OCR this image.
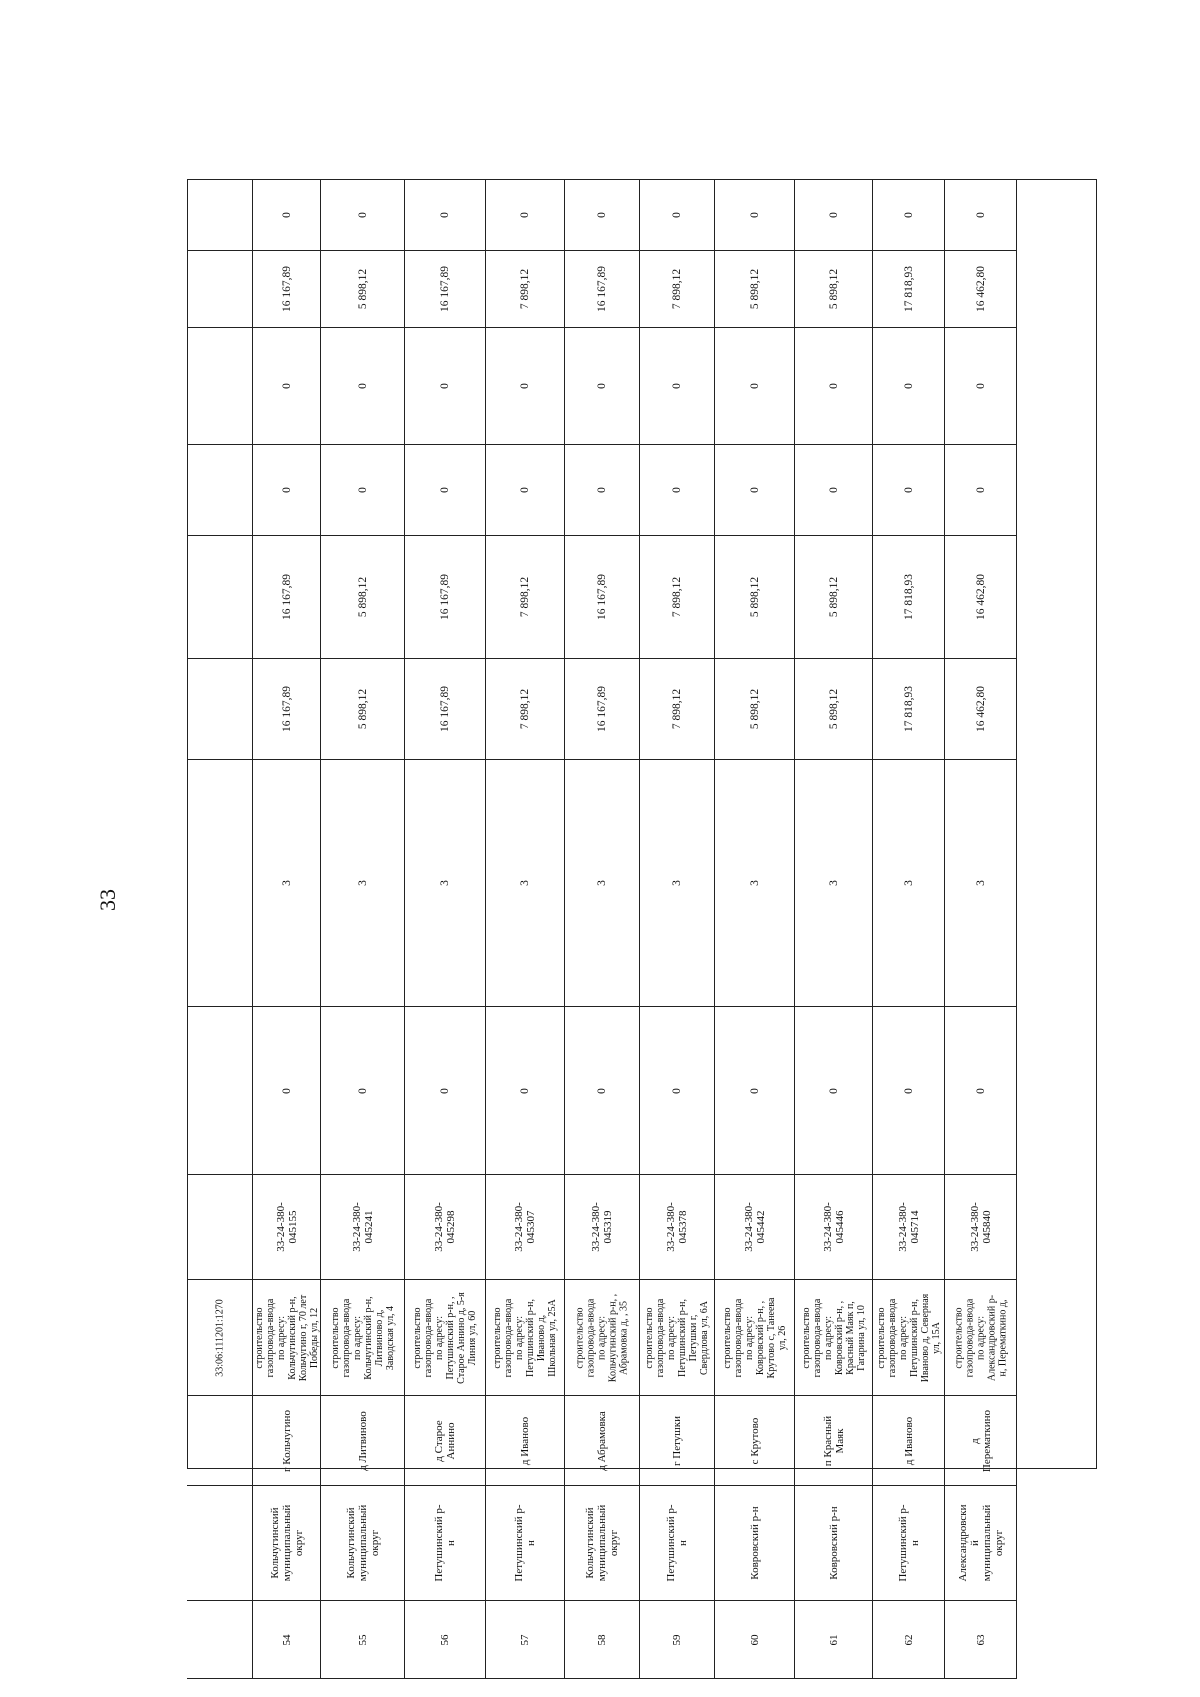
33
33:06:111201:1270
54
Кольчугинский
муниципальный
округ
г Кольчугино
строительство
газопровода-ввода
по адресу:
Кольчугинский р-н,
Кольчугино г, 70 лет
Победы ул, 12
33-24-380-
045155
0
3
16 167,89
16 167,89
0
0
16 167,89
0
55
Кольчугинский
муниципальный
округ
д Литвиново
строительство
газопровода-ввода
по адресу:
Кольчугинский р-н,
Литвиново д,
Заводская ул, 4
33-24-380-
045241
0
3
5 898,12
5 898,12
0
0
5 898,12
0
56
Петушинский р-
н
д Старое
Аннино
строительство
газопровода-ввода
по адресу:
Петушинский р-н, ,
Старое Аннино д, 5-я
Линия ул, 60
33-24-380-
045298
0
3
16 167,89
16 167,89
0
0
16 167,89
0
57
Петушинский р-
н
д Иваново
строительство
газопровода-ввода
по адресу:
Петушинский р-н,
Иваново д,
Школьная ул, 25А
33-24-380-
045307
0
3
7 898,12
7 898,12
0
0
7 898,12
0
58
Кольчугинский
муниципальный
округ
д Абрамовка
строительство
газопровода-ввода
по адресу:
Кольчугинский р-н, ,
Абрамовка д, , 35
33-24-380-
045319
0
3
16 167,89
16 167,89
0
0
16 167,89
0
59
Петушинский р-
н
г Петушки
строительство
газопровода-ввода
по адресу:
Петушинский р-н,
Петушки г,
Свердлова ул, 6А
33-24-380-
045378
0
3
7 898,12
7 898,12
0
0
7 898,12
0
60
Ковровский р-н
с Крутово
строительство
газопровода-ввода
по адресу:
Ковровский р-н, ,
Крутово с, Танеева
ул, 26
33-24-380-
045442
0
3
5 898,12
5 898,12
0
0
5 898,12
0
61
Ковровский р-н
п Красный
Маяк
строительство
газопровода-ввода
по адресу:
Ковровский р-н, ,
Красный Маяк п,
Гагарина ул, 10
33-24-380-
045446
0
3
5 898,12
5 898,12
0
0
5 898,12
0
62
Петушинский р-
н
д Иваново
строительство
газопровода-ввода
по адресу:
Петушинский р-н,
Иваново д, Северная
ул, 15А
33-24-380-
045714
0
3
17 818,93
17 818,93
0
0
17 818,93
0
63
Александровски
й
муниципальный
округ
д
Перематкино
строительство
газопровода-ввода
по адресу:
Александровский р-
н, Перематкино д,
33-24-380-
045840
0
3
16 462,80
16 462,80
0
0
16 462,80
0
